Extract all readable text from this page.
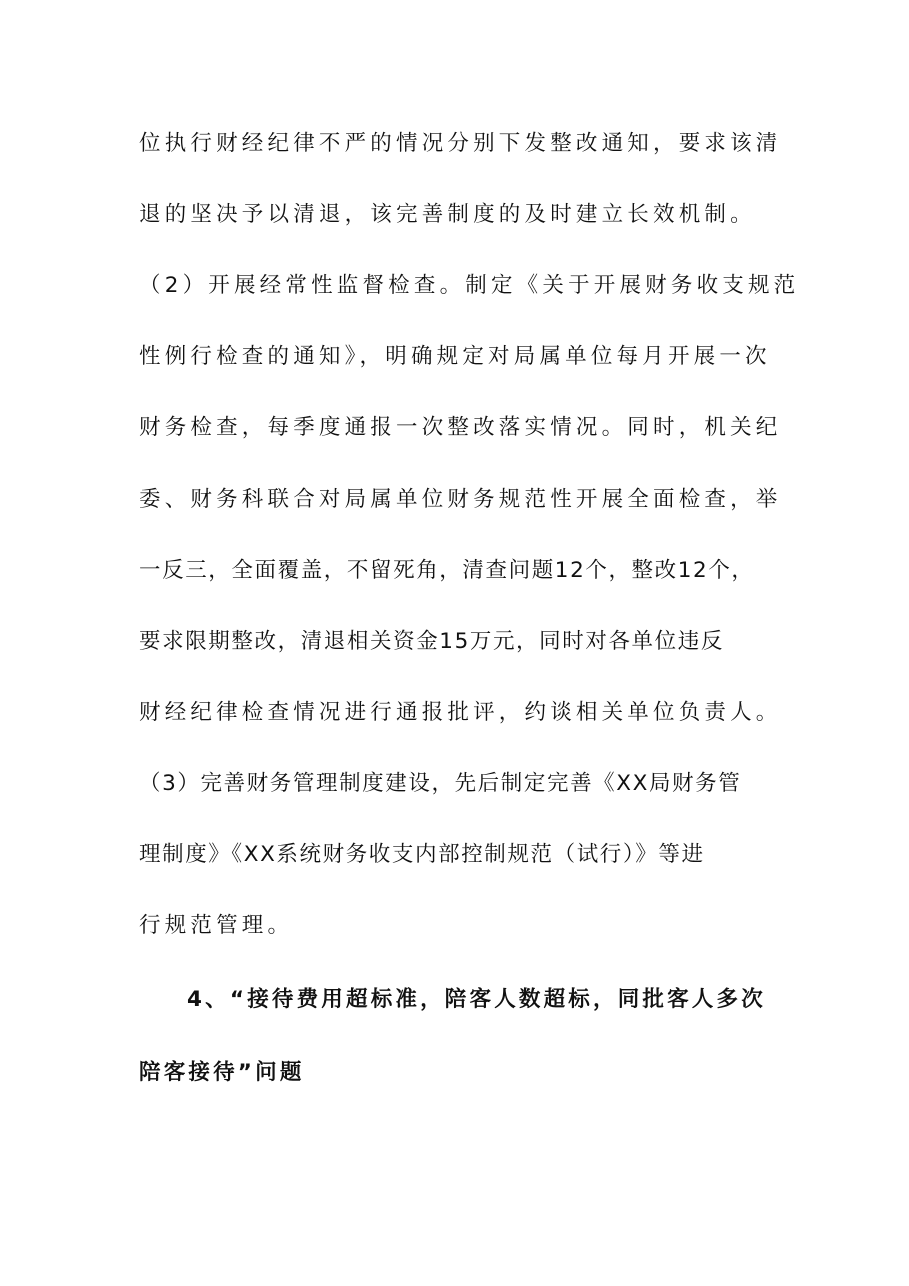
位执行财经纪律不严的情况分别下发整改通知，要求该清
退的坚决予以清退，该完善制度的及时建立长效机制。
（2）开展经常性监督检查。制定《关于开展财务收支规范
性例行检查的通知》，明确规定对局属单位每月开展一次
财务检查，每季度通报一次整改落实情况。同时，机关纪
委、财务科联合对局属单位财务规范性开展全面检查，举
一反三，全面覆盖，不留死角，清查问题12个，整改12个，
要求限期整改，清退相关资金15万元，同时对各单位违反
财经纪律检查情况进行通报批评，约谈相关单位负责人。
（3）完善财务管理制度建设，先后制定完善《XX局财务管
理制度》《XX系统财务收支内部控制规范（试行）》等进
行规范管理。
4、“接待费用超标准，陪客人数超标，同批客人多次
陪客接待”问题
